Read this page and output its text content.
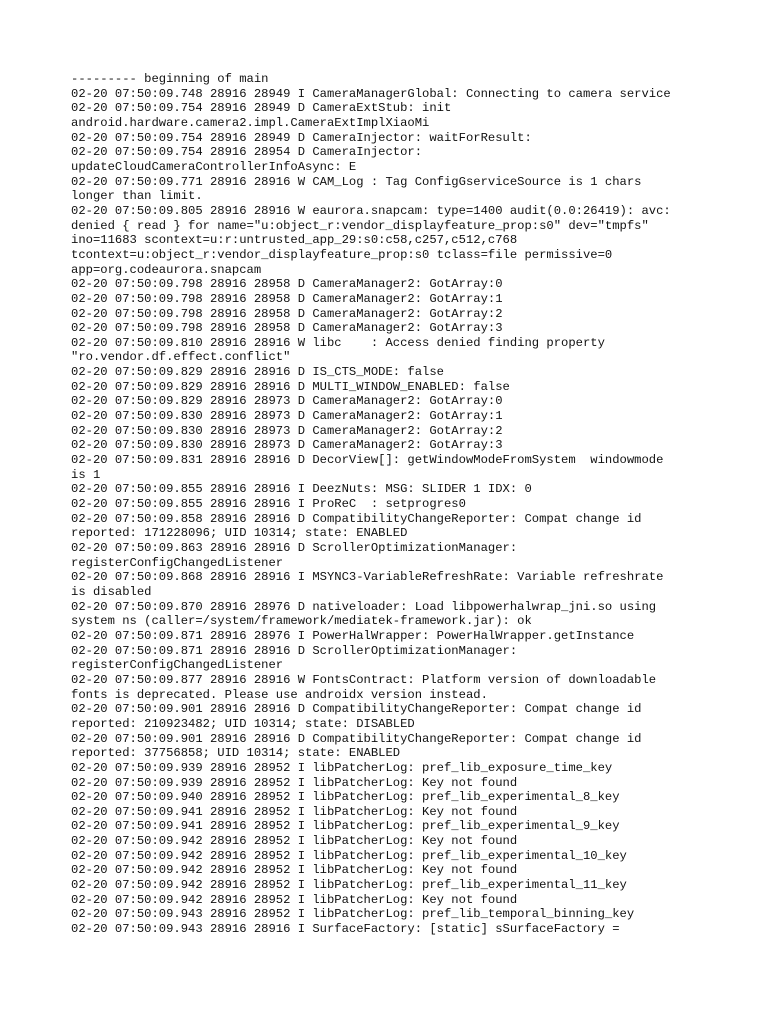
--------- beginning of main
02-20 07:50:09.748 28916 28949 I CameraManagerGlobal: Connecting to camera service
02-20 07:50:09.754 28916 28949 D CameraExtStub: init
android.hardware.camera2.impl.CameraExtImplXiaoMi
02-20 07:50:09.754 28916 28949 D CameraInjector: waitForResult:
02-20 07:50:09.754 28916 28954 D CameraInjector:
updateCloudCameraControllerInfoAsync: E
02-20 07:50:09.771 28916 28916 W CAM_Log : Tag ConfigGserviceSource is 1 chars
longer than limit.
02-20 07:50:09.805 28916 28916 W eaurora.snapcam: type=1400 audit(0.0:26419): avc:
denied { read } for name="u:object_r:vendor_displayfeature_prop:s0" dev="tmpfs"
ino=11683 scontext=u:r:untrusted_app_29:s0:c58,c257,c512,c768
tcontext=u:object_r:vendor_displayfeature_prop:s0 tclass=file permissive=0
app=org.codeaurora.snapcam
02-20 07:50:09.798 28916 28958 D CameraManager2: GotArray:0
02-20 07:50:09.798 28916 28958 D CameraManager2: GotArray:1
02-20 07:50:09.798 28916 28958 D CameraManager2: GotArray:2
02-20 07:50:09.798 28916 28958 D CameraManager2: GotArray:3
02-20 07:50:09.810 28916 28916 W libc    : Access denied finding property
"ro.vendor.df.effect.conflict"
02-20 07:50:09.829 28916 28916 D IS_CTS_MODE: false
02-20 07:50:09.829 28916 28916 D MULTI_WINDOW_ENABLED: false
02-20 07:50:09.829 28916 28973 D CameraManager2: GotArray:0
02-20 07:50:09.830 28916 28973 D CameraManager2: GotArray:1
02-20 07:50:09.830 28916 28973 D CameraManager2: GotArray:2
02-20 07:50:09.830 28916 28973 D CameraManager2: GotArray:3
02-20 07:50:09.831 28916 28916 D DecorView[]: getWindowModeFromSystem  windowmode
is 1
02-20 07:50:09.855 28916 28916 I DeezNuts: MSG: SLIDER 1 IDX: 0
02-20 07:50:09.855 28916 28916 I ProReC  : setprogres0
02-20 07:50:09.858 28916 28916 D CompatibilityChangeReporter: Compat change id
reported: 171228096; UID 10314; state: ENABLED
02-20 07:50:09.863 28916 28916 D ScrollerOptimizationManager:
registerConfigChangedListener
02-20 07:50:09.868 28916 28916 I MSYNC3-VariableRefreshRate: Variable refreshrate
is disabled
02-20 07:50:09.870 28916 28976 D nativeloader: Load libpowerhalwrap_jni.so using
system ns (caller=/system/framework/mediatek-framework.jar): ok
02-20 07:50:09.871 28916 28976 I PowerHalWrapper: PowerHalWrapper.getInstance
02-20 07:50:09.871 28916 28916 D ScrollerOptimizationManager:
registerConfigChangedListener
02-20 07:50:09.877 28916 28916 W FontsContract: Platform version of downloadable
fonts is deprecated. Please use androidx version instead.
02-20 07:50:09.901 28916 28916 D CompatibilityChangeReporter: Compat change id
reported: 210923482; UID 10314; state: DISABLED
02-20 07:50:09.901 28916 28916 D CompatibilityChangeReporter: Compat change id
reported: 37756858; UID 10314; state: ENABLED
02-20 07:50:09.939 28916 28952 I libPatcherLog: pref_lib_exposure_time_key
02-20 07:50:09.939 28916 28952 I libPatcherLog: Key not found
02-20 07:50:09.940 28916 28952 I libPatcherLog: pref_lib_experimental_8_key
02-20 07:50:09.941 28916 28952 I libPatcherLog: Key not found
02-20 07:50:09.941 28916 28952 I libPatcherLog: pref_lib_experimental_9_key
02-20 07:50:09.942 28916 28952 I libPatcherLog: Key not found
02-20 07:50:09.942 28916 28952 I libPatcherLog: pref_lib_experimental_10_key
02-20 07:50:09.942 28916 28952 I libPatcherLog: Key not found
02-20 07:50:09.942 28916 28952 I libPatcherLog: pref_lib_experimental_11_key
02-20 07:50:09.942 28916 28952 I libPatcherLog: Key not found
02-20 07:50:09.943 28916 28952 I libPatcherLog: pref_lib_temporal_binning_key
02-20 07:50:09.943 28916 28916 I SurfaceFactory: [static] sSurfaceFactory =
